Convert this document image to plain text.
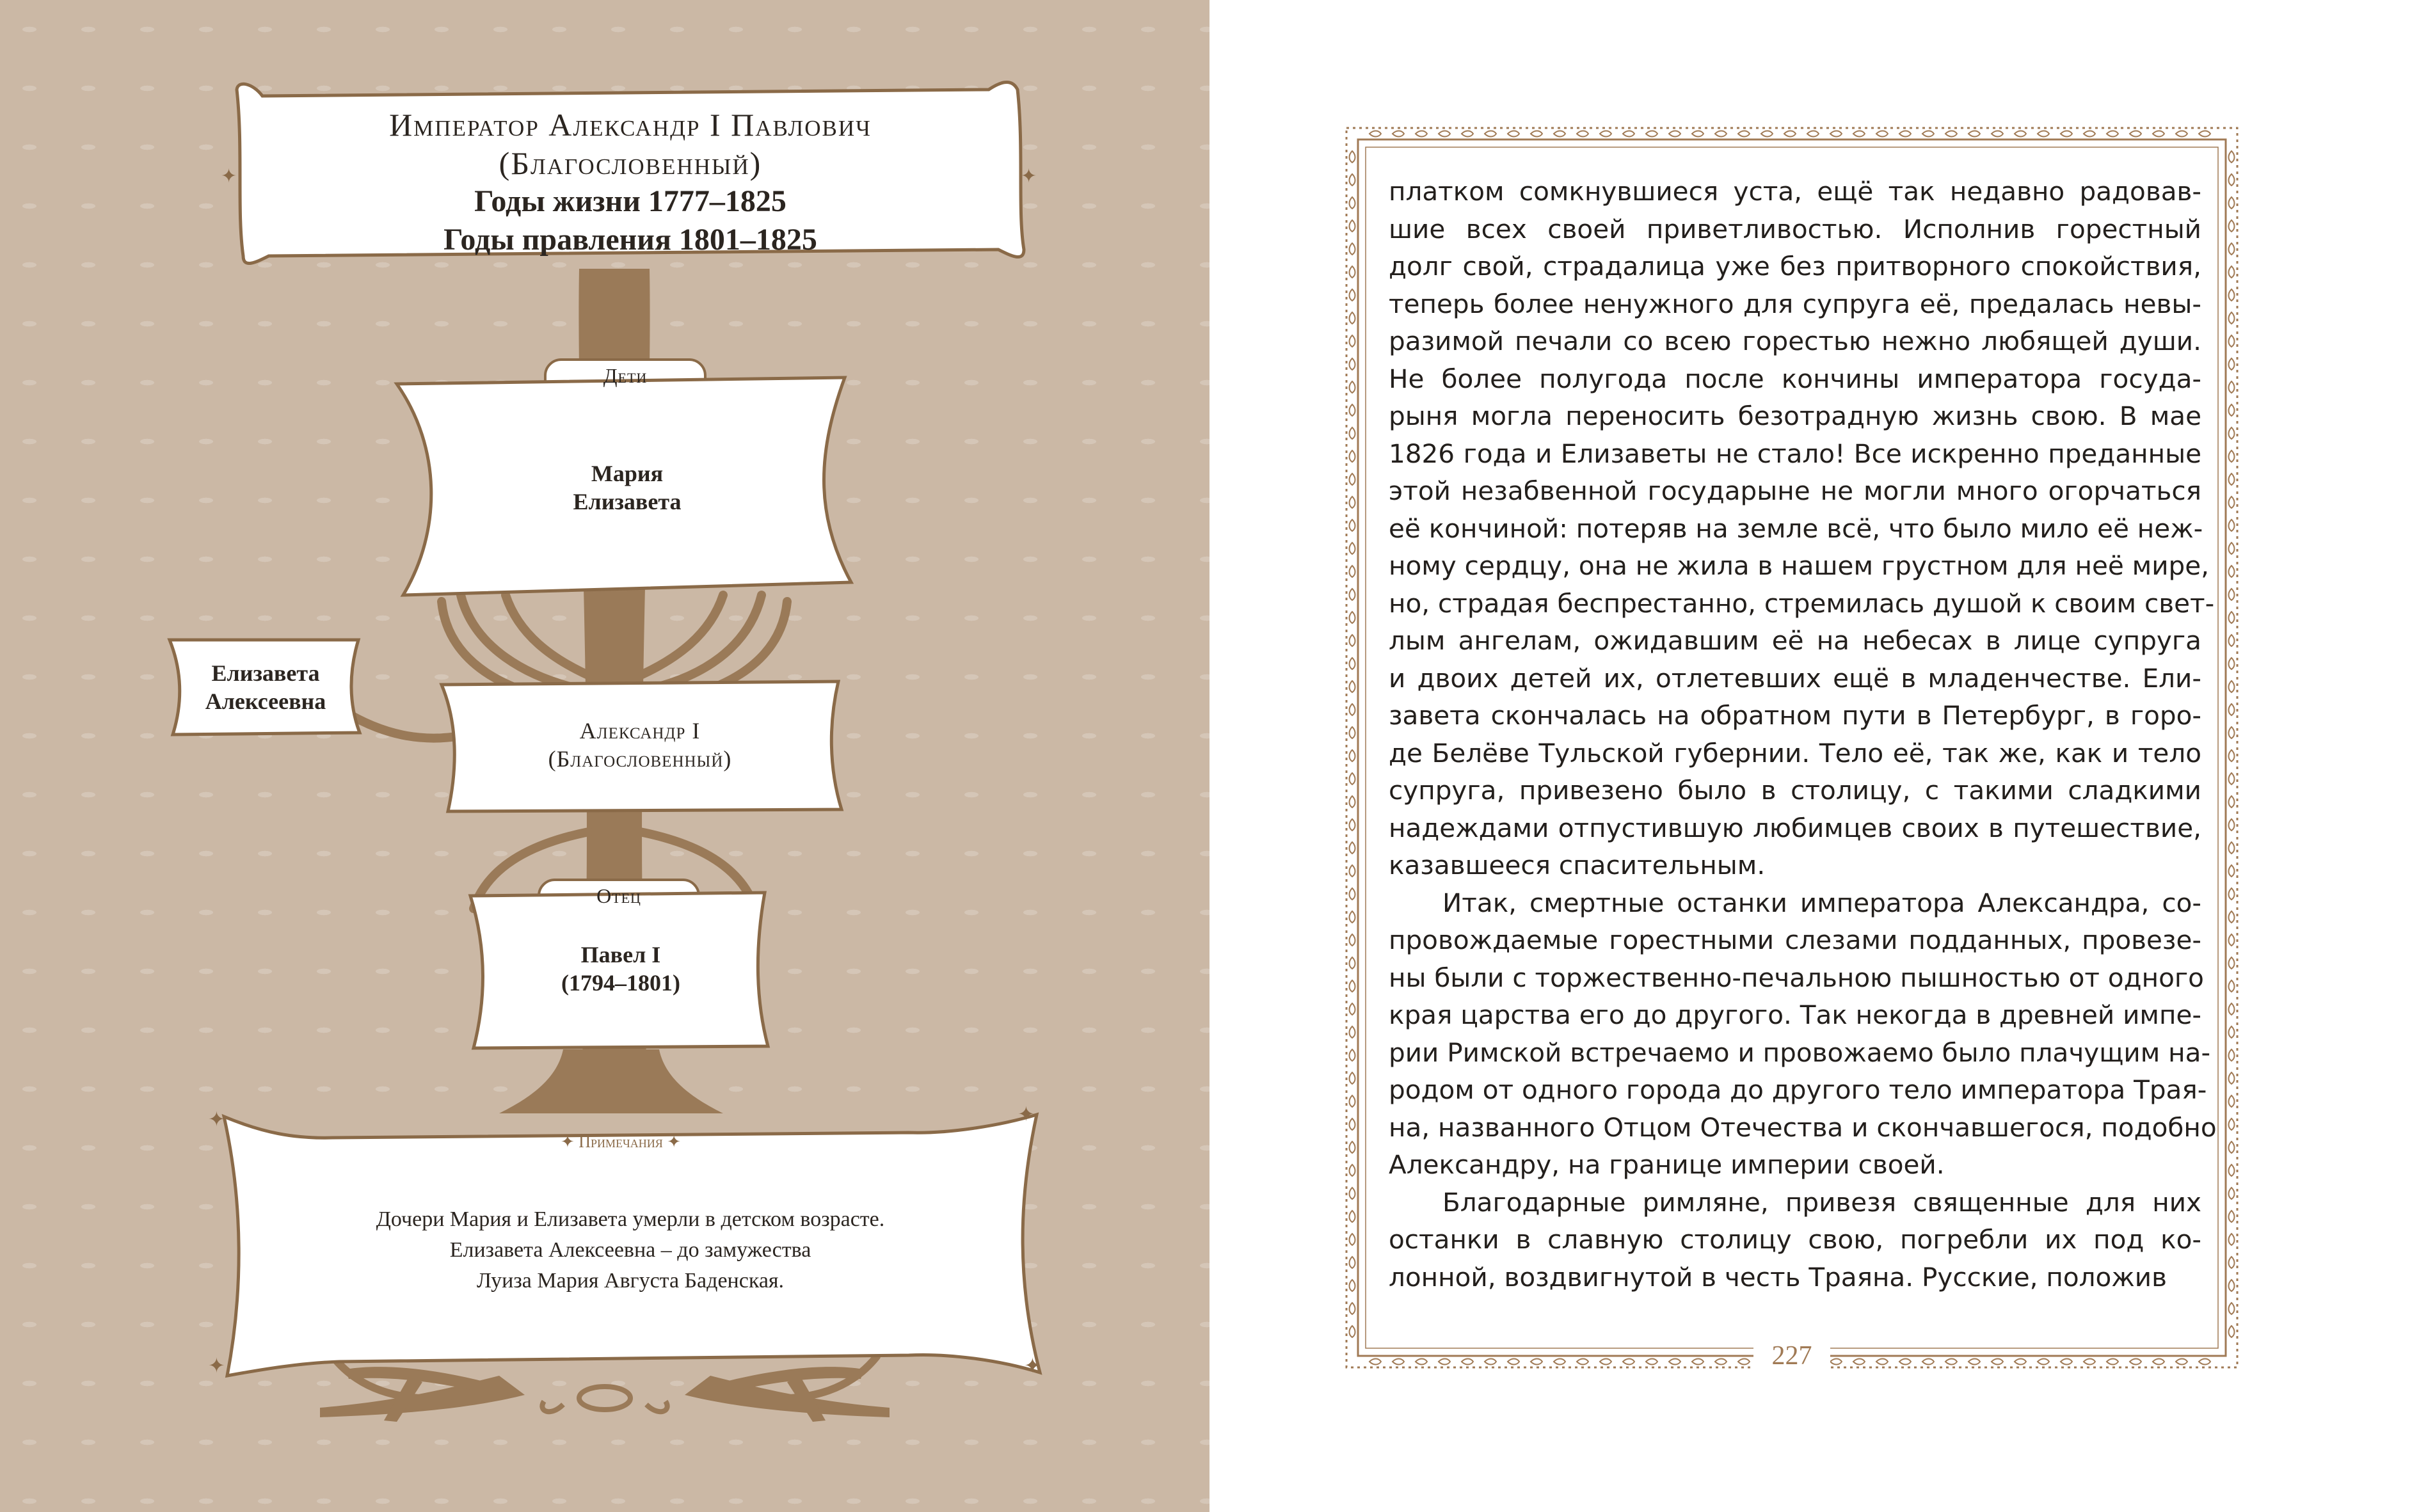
✦	✦
✦	✦
✦	✦
Император Александр I Павлович
(Благословенный)
Годы жизни 1777–1825
Годы правления 1801–1825
Дети
Мария
Елизавета
Елизавета
Алексеевна
Александр I
(Благословенный)
Отец
Павел I
(1794–1801)
✦ Примечания ✦
Дочери Мария и Елизавета умерли в детском возрасте.
Елизавета Алексеевна – до замужества
Луиза Мария Августа Баденская.
платком сомкнувшиеся уста, ещё так недавно радовав-
шие всех своей приветливостью. Исполнив горестный
долг свой, страдалица уже без притворного спокойствия,
теперь более ненужного для супруга её, предалась невы-
разимой печали со всею горестью нежно любящей души.
Не более полугода после кончины императора госуда-
рыня могла переносить безотрадную жизнь свою. В мае
1826 года и Елизаветы не стало! Все искренно преданные
этой незабвенной государыне не могли много огорчаться
её кончиной: потеряв на земле всё, что было мило её неж-
ному сердцу, она не жила в нашем грустном для неё мире,
но, страдая беспрестанно, стремилась душой к своим свет-
лым ангелам, ожидавшим её на небесах в лице супруга
и двоих детей их, отлетевших ещё в младенчестве. Ели-
завета скончалась на обратном пути в Петербург, в горо-
де Белёве Тульской губернии. Тело её, так же, как и тело
супруга, привезено было в столицу, с такими сладкими
надеждами отпустившую любимцев своих в путешествие,
казавшееся спасительным.
Итак, смертные останки императора Александра, со-
провождаемые горестными слезами подданных, провезе-
ны были с торжественно-печальною пышностью от одного
края царства его до другого. Так некогда в древней импе-
рии Римской встречаемо и провожаемо было плачущим на-
родом от одного города до другого тело императора Трая-
на, названного Отцом Отечества и скончавшегося, подобно
Александру, на границе империи своей.
Благодарные римляне, привезя священные для них
останки в славную столицу свою, погребли их под ко-
лонной, воздвигнутой в честь Траяна. Русские, положив
227
